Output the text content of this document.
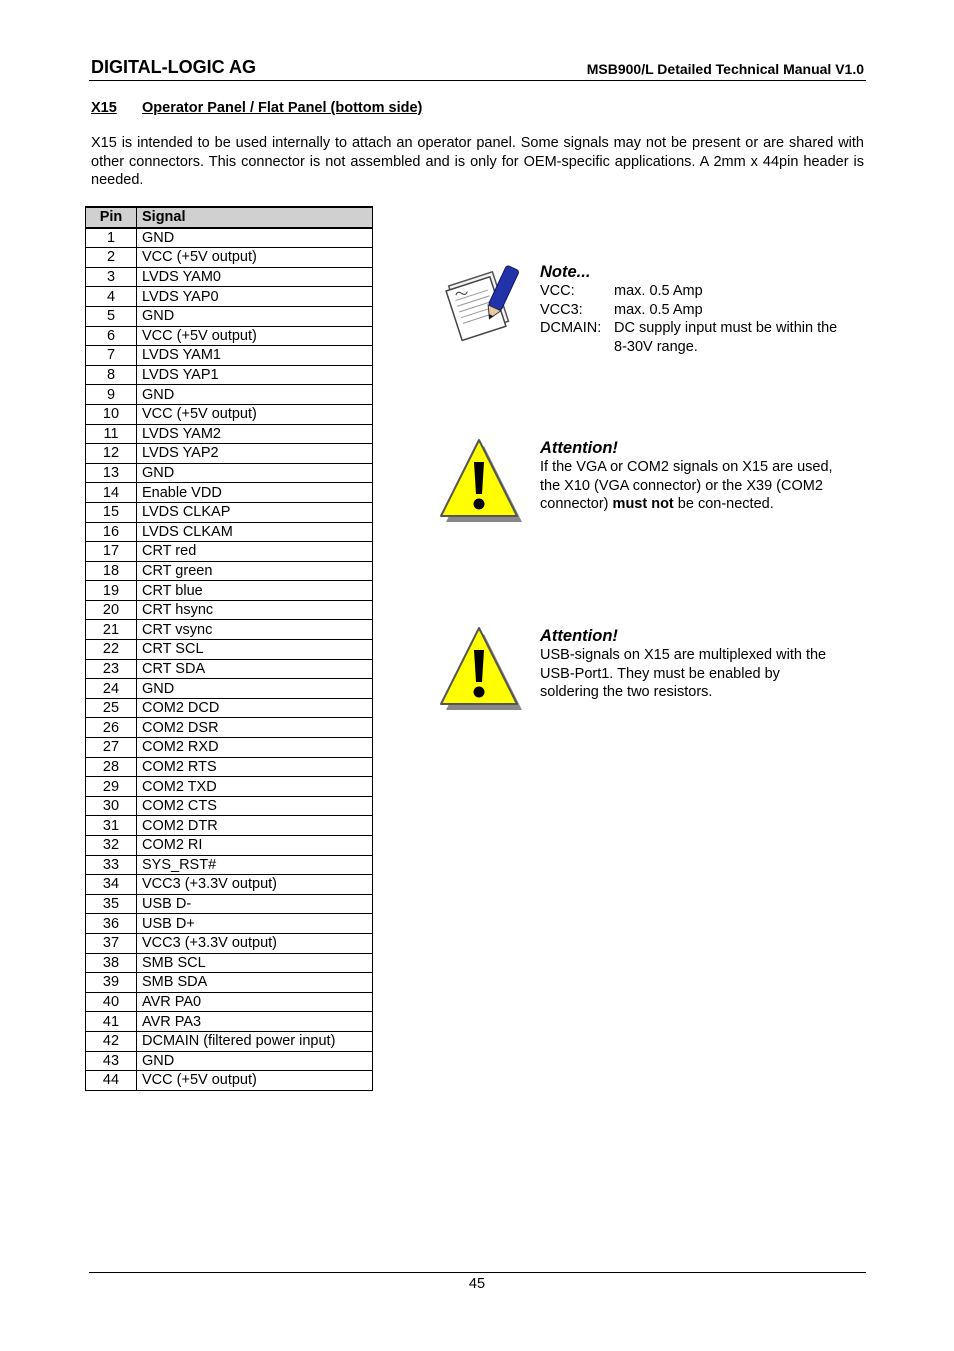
DIGITAL-LOGIC AG	MSB900/L Detailed Technical Manual V1.0
X15 Operator Panel / Flat Panel (bottom side)

X15 is intended to be used internally to attach an operator panel. Some signals may not be present or are shared with other connectors. This connector is not assembled and is only for OEM-specific applications. A 2mm x 44pin header is needed.

Pin	Signal
1	GND
2	VCC (+5V output)
3	LVDS YAM0
4	LVDS YAP0
5	GND
6	VCC (+5V output)
7	LVDS YAM1
8	LVDS YAP1
9	GND
10	VCC (+5V output)
11	LVDS YAM2
12	LVDS YAP2
13	GND
14	Enable VDD
15	LVDS CLKAP
16	LVDS CLKAM
17	CRT red
18	CRT green
19	CRT blue
20	CRT hsync
21	CRT vsync
22	CRT SCL
23	CRT SDA
24	GND
25	COM2 DCD
26	COM2 DSR
27	COM2 RXD
28	COM2 RTS
29	COM2 TXD
30	COM2 CTS
31	COM2 DTR
32	COM2 RI
33	SYS_RST#
34	VCC3 (+3.3V output)
35	USB D-
36	USB D+
37	VCC3 (+3.3V output)
38	SMB SCL
39	SMB SDA
40	AVR PA0
41	AVR PA3
42	DCMAIN (filtered power input)
43	GND
44	VCC (+5V output)
Note...
VCC:	max. 0.5 Amp
VCC3:	max. 0.5 Amp
DCMAIN: DC supply input must be within the 8-30V range.
Attention!
If the VGA or COM2 signals on X15 are used, the X10 (VGA connector) or the X39 (COM2 connector) must not be con-nected.
Attention!
USB-signals on X15 are multiplexed with the USB-Port1. They must be enabled by soldering the two resistors.
45
